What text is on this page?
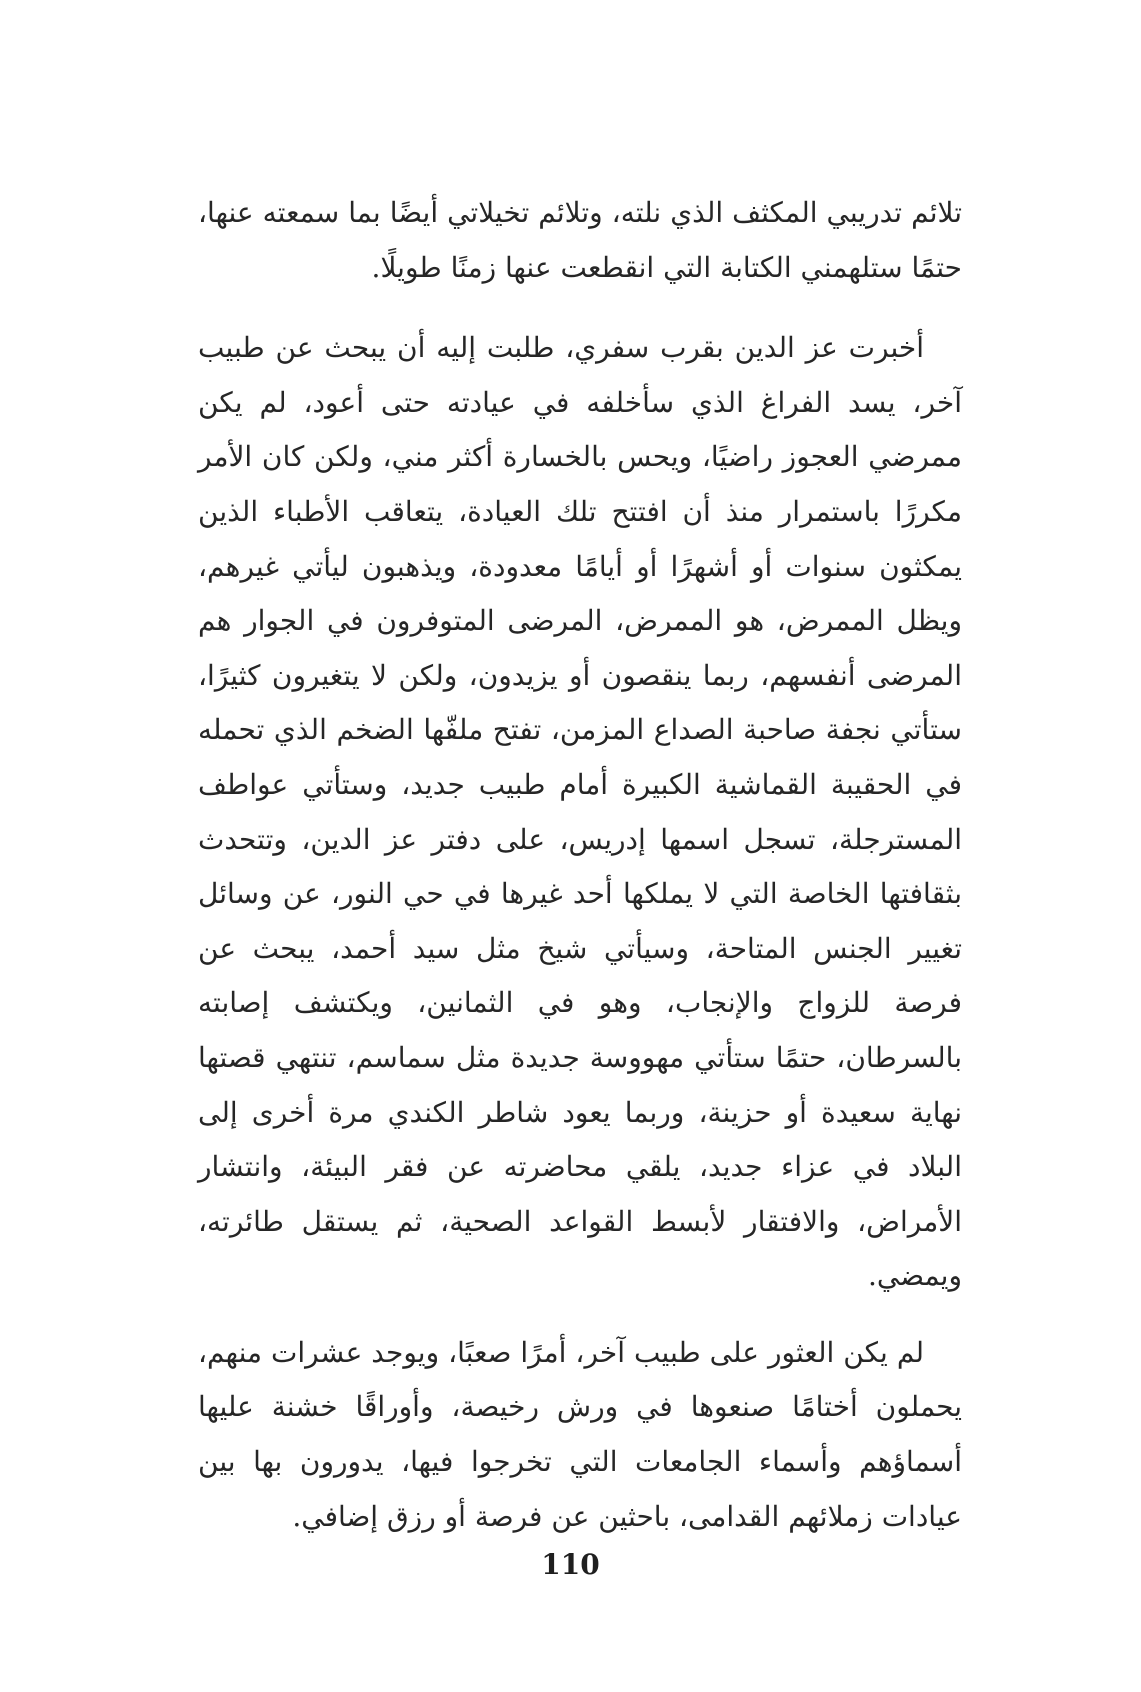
تلائم تدريبي المكثف الذي نلته، وتلائم تخيلاتي أيضًا بما سمعته عنها، حتمًا ستلهمني الكتابة التي انقطعت عنها زمنًا طويلًا.

أخبرت عز الدين بقرب سفري، طلبت إليه أن يبحث عن طبيب آخر، يسد الفراغ الذي سأخلفه في عيادته حتى أعود، لم يكن ممرضي العجوز راضيًا، ويحس بالخسارة أكثر مني، ولكن كان الأمر مكررًا باستمرار منذ أن افتتح تلك العيادة، يتعاقب الأطباء الذين يمكثون سنوات أو أشهرًا أو أيامًا معدودة، ويذهبون ليأتي غيرهم، ويظل الممرض، هو الممرض، المرضى المتوفرون في الجوار هم المرضى أنفسهم، ربما ينقصون أو يزيدون، ولكن لا يتغيرون كثيرًا، ستأتي نجفة صاحبة الصداع المزمن، تفتح ملفّها الضخم الذي تحمله في الحقيبة القماشية الكبيرة أمام طبيب جديد، وستأتي عواطف المسترجلة، تسجل اسمها إدريس، على دفتر عز الدين، وتتحدث بثقافتها الخاصة التي لا يملكها أحد غيرها في حي النور، عن وسائل تغيير الجنس المتاحة، وسيأتي شيخ مثل سيد أحمد، يبحث عن فرصة للزواج والإنجاب، وهو في الثمانين، ويكتشف إصابته بالسرطان، حتمًا ستأتي مهووسة جديدة مثل سماسم، تنتهي قصتها نهاية سعيدة أو حزينة، وربما يعود شاطر الكندي مرة أخرى إلى البلاد في عزاء جديد، يلقي محاضرته عن فقر البيئة، وانتشار الأمراض، والافتقار لأبسط القواعد الصحية، ثم يستقل طائرته، ويمضي.

لم يكن العثور على طبيب آخر، أمرًا صعبًا، ويوجد عشرات منهم، يحملون أختامًا صنعوها في ورش رخيصة، وأوراقًا خشنة عليها أسماؤهم وأسماء الجامعات التي تخرجوا فيها، يدورون بها بين عيادات زملائهم القدامى، باحثين عن فرصة أو رزق إضافي.

110
